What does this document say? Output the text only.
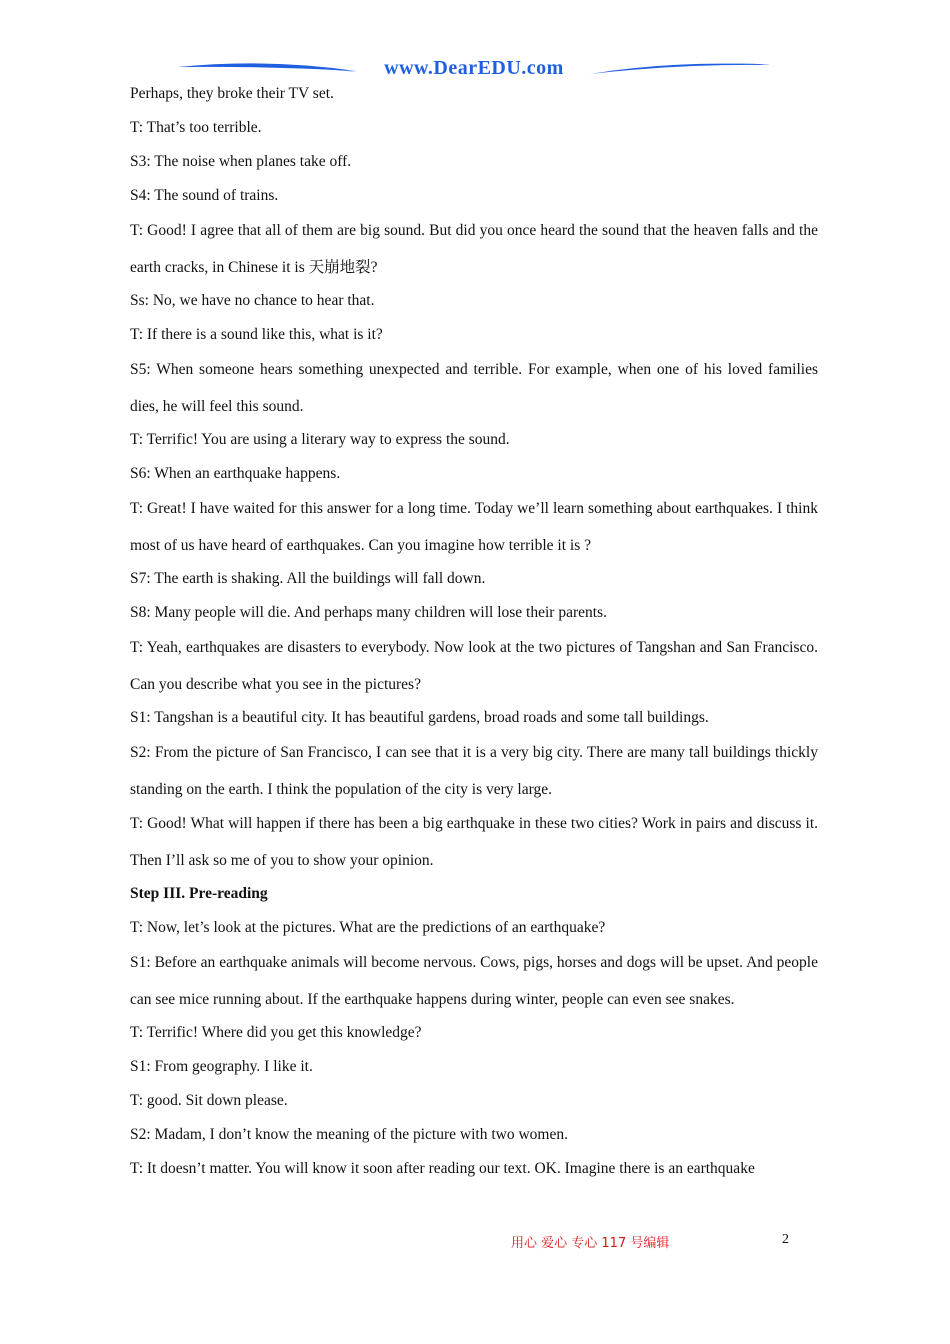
www.DearEDU.com

Perhaps, they broke their TV set.

T: That’s too terrible.

S3: The noise when planes take off.

S4: The sound of trains.

T: Good! I agree that all of them are big sound. But did you once heard the sound that the heaven falls and the earth cracks, in Chinese it is 天崩地裂?

Ss: No, we have no chance to hear that.

T: If there is a sound like this, what is it?

S5: When someone hears something unexpected and terrible. For example, when one of his loved families dies, he will feel this sound.

T: Terrific! You are using a literary way to express the sound.

S6: When an earthquake happens.

T: Great! I have waited for this answer for a long time. Today we’ll learn something about earthquakes. I think most of us have heard of earthquakes. Can you imagine how terrible it is ?

S7: The earth is shaking. All the buildings will fall down.

S8: Many people will die. And perhaps many children will lose their parents.

T: Yeah, earthquakes are disasters to everybody. Now look at the two pictures of Tangshan and San Francisco. Can you describe what you see in the pictures?

S1: Tangshan is a beautiful city. It has beautiful gardens, broad roads and some tall buildings.

S2: From the picture of San Francisco, I can see that it is a very big city. There are many tall buildings thickly standing on the earth. I think the population of the city is very large.

T: Good! What will happen if there has been a big earthquake in these two cities? Work in pairs and discuss it. Then I’ll ask so me of you to show your opinion.

Step III. Pre-reading

T: Now, let’s look at the pictures. What are the predictions of an earthquake?

S1: Before an earthquake animals will become nervous. Cows, pigs, horses and dogs will be upset. And people can see mice running about. If the earthquake happens during winter, people can even see snakes.

T: Terrific! Where did you get this knowledge?

S1: From geography. I like it.

T: good. Sit down please.

S2: Madam, I don’t know the meaning of the picture with two women.

T: It doesn’t matter. You will know it soon after reading our text. OK. Imagine there is an earthquake

用心 爱心 专心 117 号编辑	2
